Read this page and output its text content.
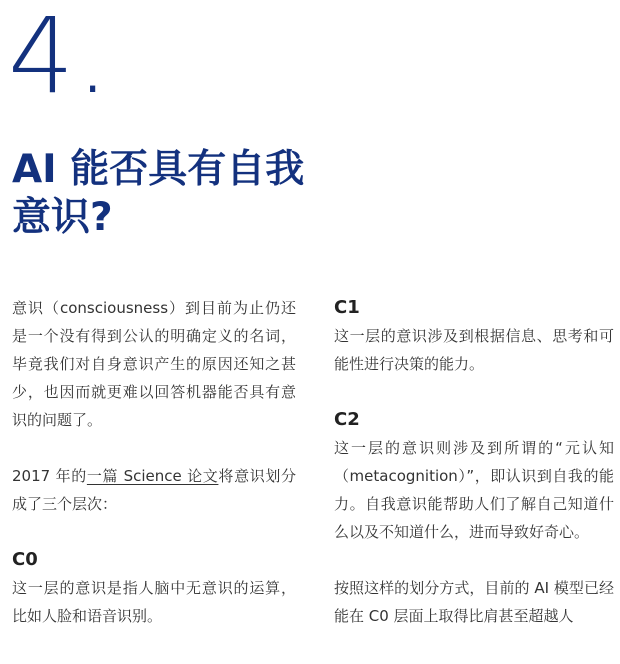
4.
AI 能否具有自我意识?

意识（consciousness）到目前为止仍还是一个没有得到公认的明确定义的名词，毕竟我们对自身意识产生的原因还知之甚少，也因而就更难以回答机器能否具有意识的问题了。

2017 年的一篇 Science 论文将意识划分成了三个层次：

C0

这一层的意识是指人脑中无意识的运算，比如人脸和语音识别。

C1

这一层的意识涉及到根据信息、思考和可能性进行决策的能力。

C2

这一层的意识则涉及到所谓的“元认知（metacognition）”，即认识到自我的能力。自我意识能帮助人们了解自己知道什么以及不知道什么，进而导致好奇心。

按照这样的划分方式，目前的 AI 模型已经能在 C0 层面上取得比肩甚至超越人
